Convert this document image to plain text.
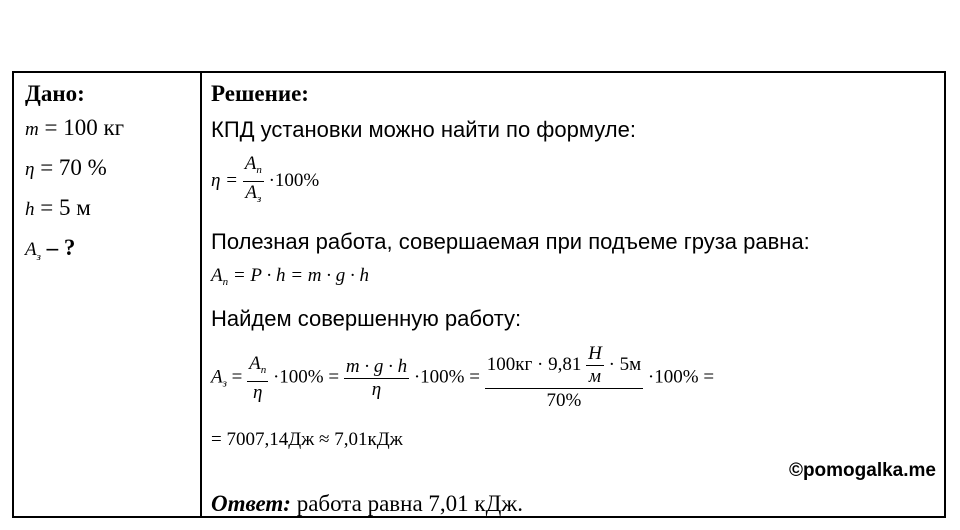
Дано:
m = 100 кг
η = 70 %
h = 5 м
$A_з$ – ?
Решение:
КПД установки можно найти по формуле:
$\eta = \frac{A_п}{A_з} \cdot 100\%$
Полезная работа, совершаемая при подъеме груза равна:
$A_п = P \cdot h = m \cdot g \cdot h$
Найдем совершенную работу:
$A_з = \frac{A_п}{\eta} \cdot 100\% = \frac{m \cdot g \cdot h}{\eta} \cdot 100\% = \frac{100кг \cdot 9,81 \frac{Н}{м} \cdot 5м}{70\%} \cdot 100\%$ =
= 7007,14Дж ≈ 7,01кДж
Ответ: работа равна 7,01 кДж.
©pomogalka.me
